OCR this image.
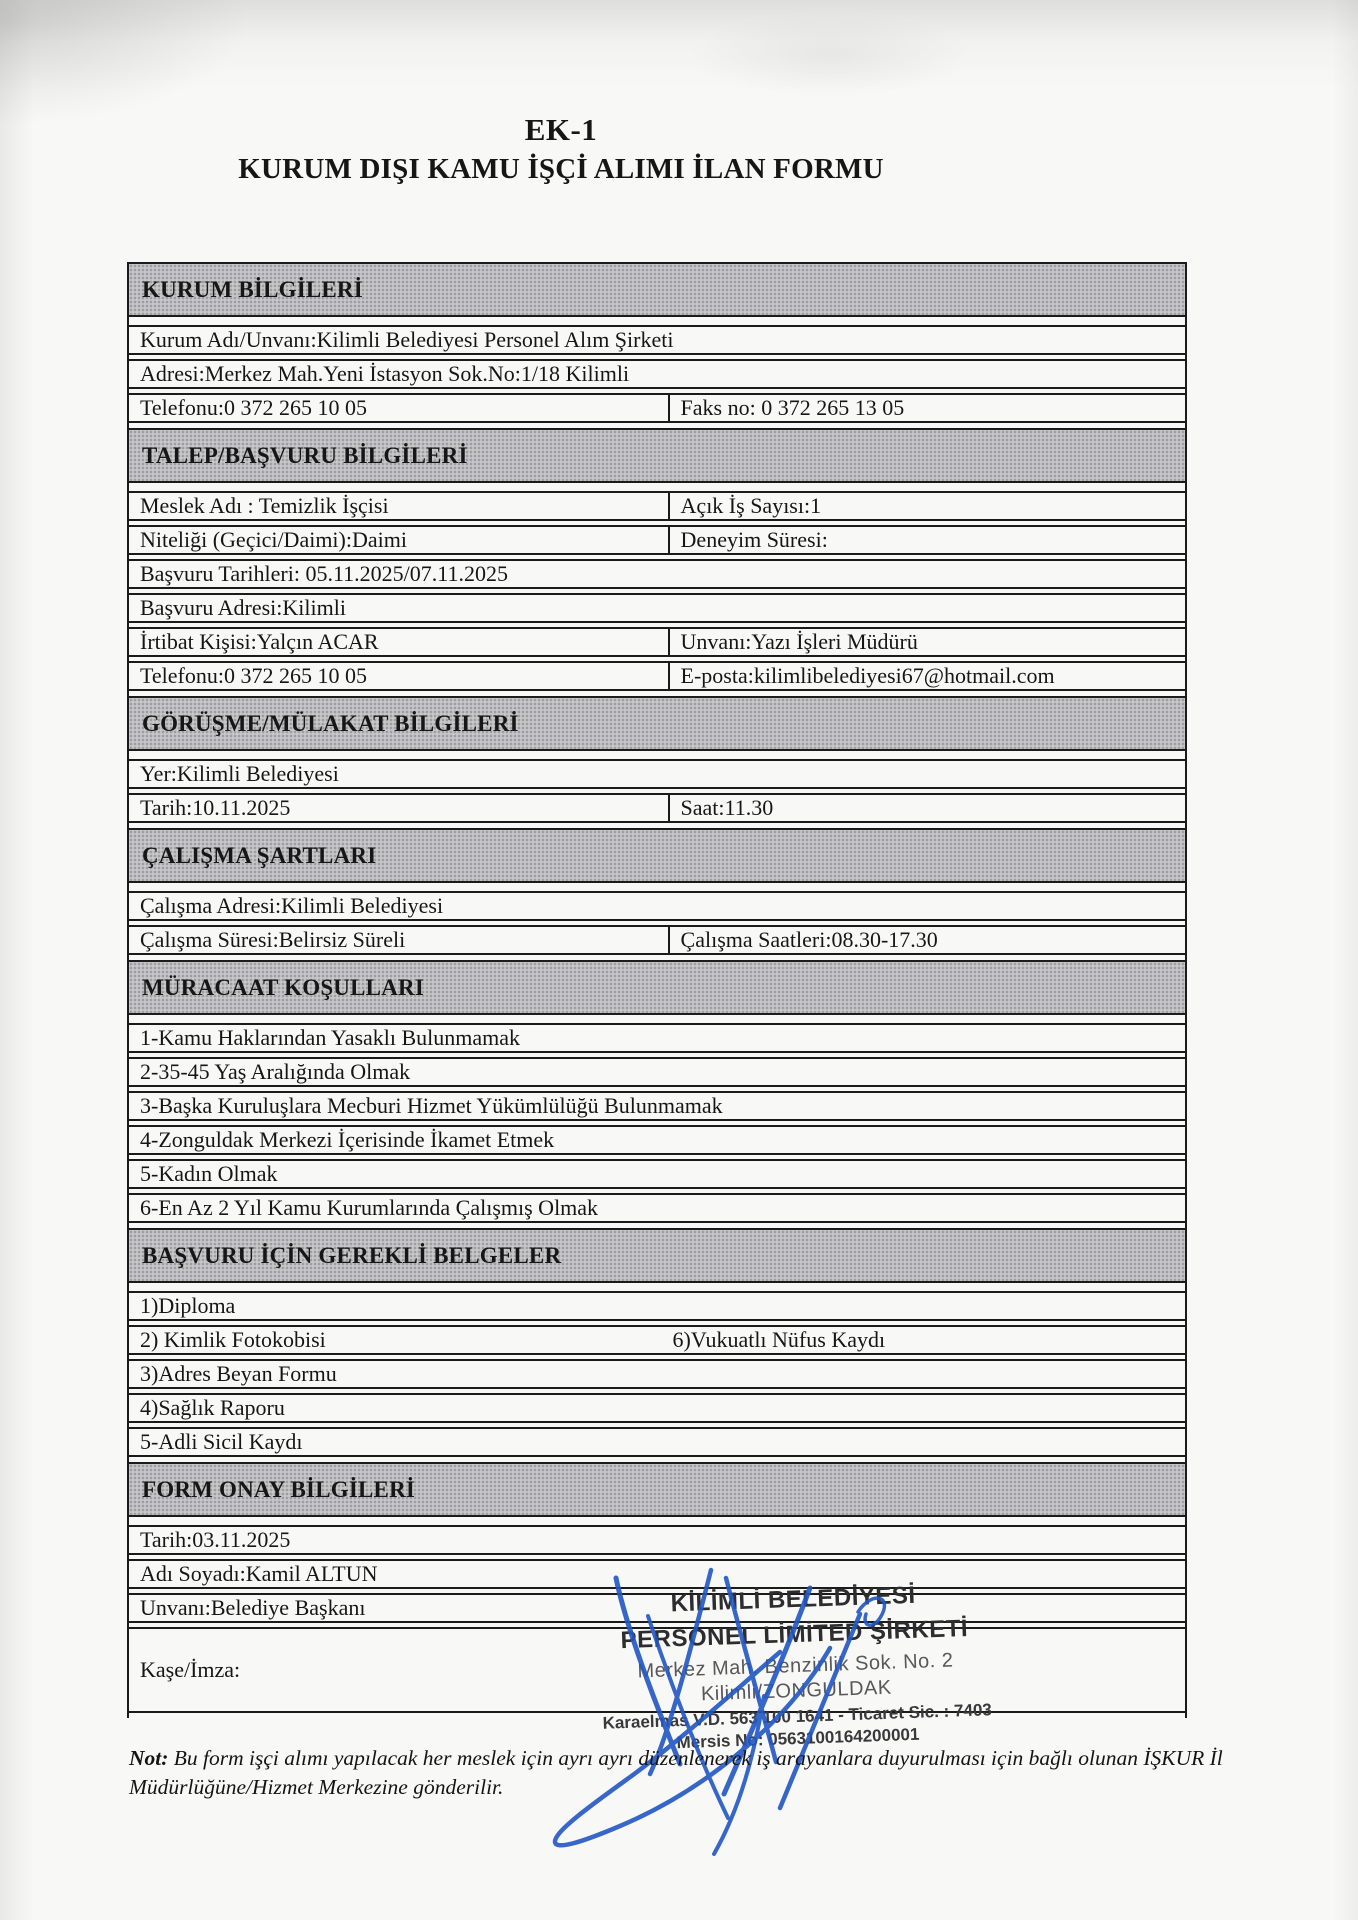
EK-1
KURUM DIŞI KAMU İŞÇİ ALIMI İLAN FORMU
KURUM BİLGİLERİ
Kurum Adı/Unvanı:Kilimli Belediyesi Personel Alım Şirketi
Adresi:Merkez Mah.Yeni İstasyon Sok.No:1/18 Kilimli
Telefonu:0 372 265 10 05	Faks no: 0 372 265 13 05
TALEP/BAŞVURU BİLGİLERİ
Meslek Adı : Temizlik İşçisi	Açık İş Sayısı:1
Niteliği (Geçici/Daimi):Daimi	Deneyim Süresi:
Başvuru Tarihleri: 05.11.2025/07.11.2025
Başvuru Adresi:Kilimli
İrtibat Kişisi:Yalçın ACAR	Unvanı:Yazı İşleri Müdürü
Telefonu:0 372 265 10 05	E-posta:kilimlibelediyesi67@hotmail.com
GÖRÜŞME/MÜLAKAT BİLGİLERİ
Yer:Kilimli Belediyesi
Tarih:10.11.2025	Saat:11.30
ÇALIŞMA ŞARTLARI
Çalışma Adresi:Kilimli Belediyesi
Çalışma Süresi:Belirsiz Süreli	Çalışma Saatleri:08.30-17.30
MÜRACAAT KOŞULLARI
1-Kamu Haklarından Yasaklı Bulunmamak
2-35-45 Yaş Aralığında Olmak
3-Başka Kuruluşlara Mecburi Hizmet Yükümlülüğü Bulunmamak
4-Zonguldak Merkezi İçerisinde İkamet Etmek
5-Kadın Olmak
6-En Az 2 Yıl Kamu Kurumlarında Çalışmış Olmak
BAŞVURU İÇİN GEREKLİ BELGELER
1)Diploma
2) Kimlik Fotokobisi	6)Vukuatlı Nüfus Kaydı
3)Adres Beyan Formu
4)Sağlık Raporu
5-Adli Sicil Kaydı
FORM ONAY BİLGİLERİ
Tarih:03.11.2025
Adı Soyadı:Kamil ALTUN
Unvanı:Belediye Başkanı
Kaşe/İmza:
KİLİMLİ BELEDİYESİ
PERSONEL LİMİTED ŞİRKETİ
Merkez Mah. Benzinlik Sok. No. 2
Kilimli/ZONGULDAK
Karaelmas V.D. 563 100 1641 - Ticaret Sic. : 7403
Mersis No: 0563100164200001
Not: Bu form işçi alımı yapılacak her meslek için ayrı ayrı düzenlenerek iş arayanlara duyurulması için bağlı olunan İŞKUR İl Müdürlüğüne/Hizmet Merkezine gönderilir.
